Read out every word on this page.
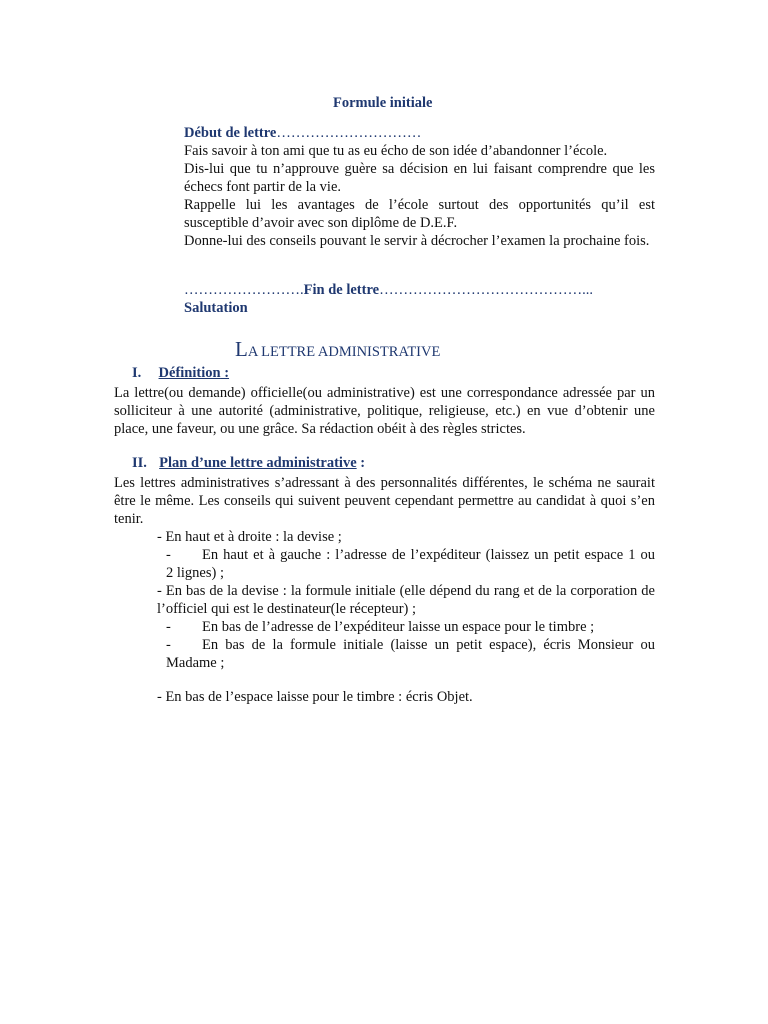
Formule initiale
Début de lettre…………………………
Fais savoir à ton ami que tu as eu écho de son idée d’abandonner l’école.
Dis-lui que tu n’approuve guère sa décision en lui faisant comprendre que les échecs font partir de la vie.
Rappelle lui les avantages de l’école surtout des opportunités qu’il est susceptible d’avoir avec son diplôme de D.E.F.
Donne-lui des conseils pouvant le servir à décrocher l’examen la prochaine fois.
…………………….Fin de lettre……………………………………...
Salutation
LA LETTRE ADMINISTRATIVE
I. Définition :
La lettre(ou demande) officielle(ou administrative) est une correspondance adressée par un solliciteur à une autorité (administrative, politique, religieuse, etc.) en vue d’obtenir une place, une faveur, ou une grâce. Sa rédaction obéit à des règles strictes.
II. Plan d’une lettre administrative :
Les lettres administratives s’adressant à des personnalités différentes, le schéma ne saurait être le même. Les conseils qui suivent peuvent cependant permettre au candidat à quoi s’en tenir.
- En haut et à droite : la devise ;
- En haut et à gauche : l’adresse de l’expéditeur (laissez un petit espace 1 ou
2 lignes) ;
- En bas de la devise : la formule initiale (elle dépend du rang et de la corporation de l’officiel qui est le destinateur(le récepteur) ;
- En bas de l’adresse de l’expéditeur laisse un espace pour le timbre ;
- En bas de la formule initiale (laisse un petit espace), écris Monsieur ou
Madame ;
- En bas de l’espace laisse pour le timbre : écris Objet.
